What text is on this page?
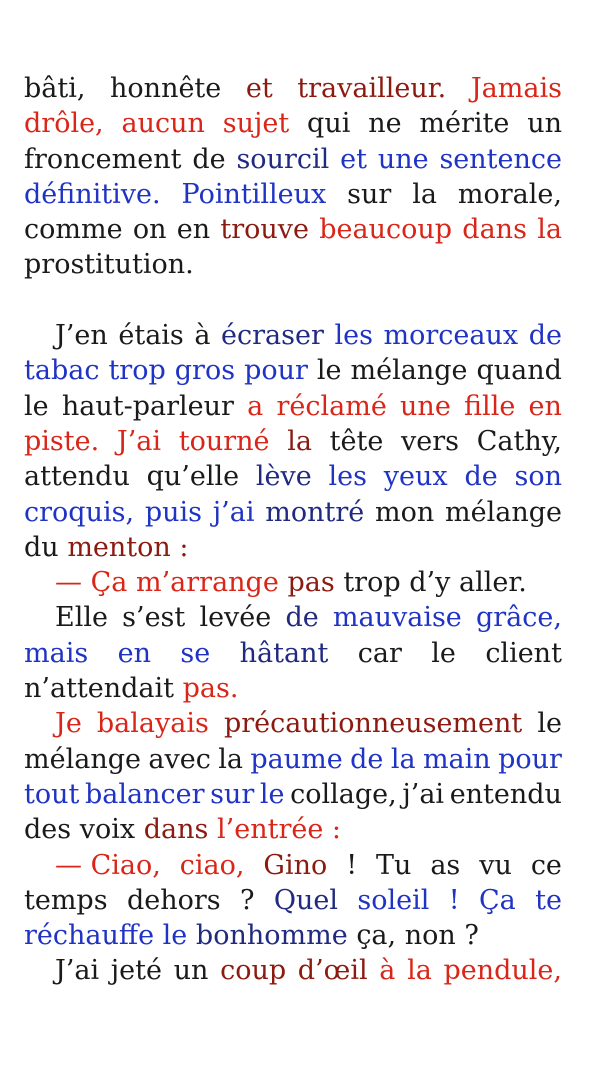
bâti, honnête et travailleur. Jamais
drôle, aucun sujet qui ne mérite un
froncement de sourcil et une sentence
définitive. Pointilleux sur la morale,
comme on en trouve beaucoup dans la
prostitution.
J’en étais à écraser les morceaux de
tabac trop gros pour le mélange quand
le haut-parleur a réclamé une fille en
piste. J’ai tourné la tête vers Cathy,
attendu qu’elle lève les yeux de son
croquis, puis j’ai montré mon mélange
du menton :
— Ça m’arrange pas trop d’y aller.
Elle s’est levée de mauvaise grâce,
mais en se hâtant car le client
n’attendait pas.
Je balayais précautionneusement le
mélange avec la paume de la main pour
tout balancer sur le collage, j’ai entendu
des voix dans l’entrée :
— Ciao, ciao, Gino ! Tu as vu ce
temps dehors ? Quel soleil ! Ça te
réchauffe le bonhomme ça, non ?
J’ai jeté un coup d’œil à la pendule,
